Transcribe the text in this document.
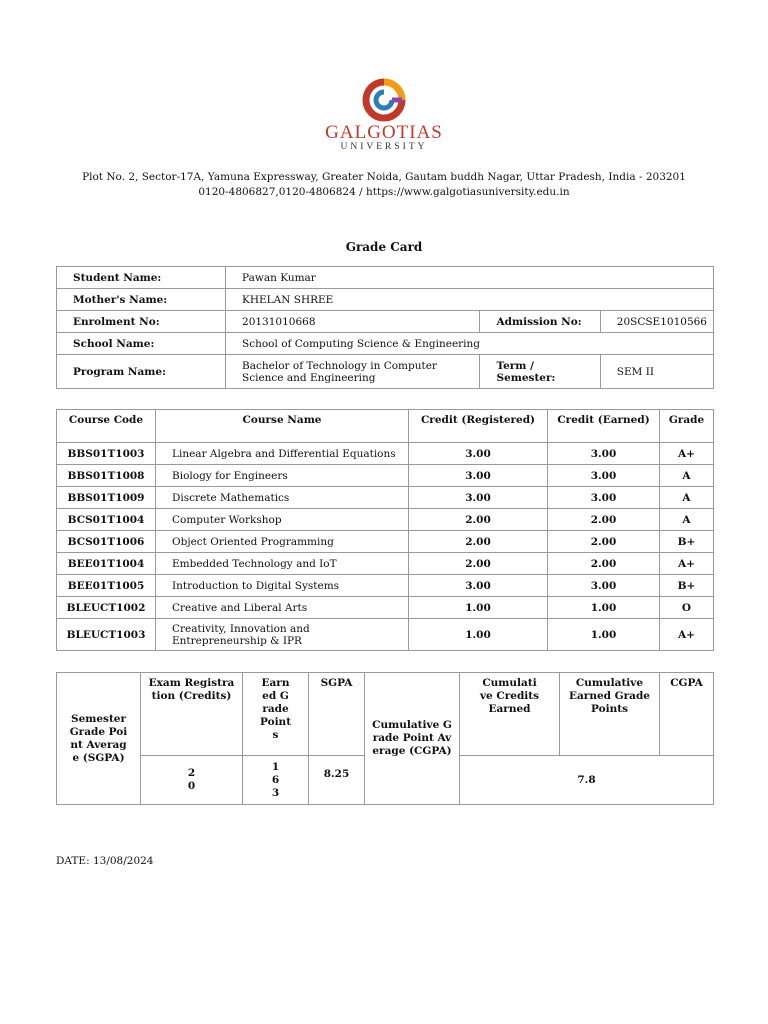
GALGOTIAS
UNIVERSITY
Plot No. 2, Sector-17A, Yamuna Expressway, Greater Noida, Gautam buddh Nagar, Uttar Pradesh, India - 203201 0120-4806827,0120-4806824 / https://www.galgotiasuniversity.edu.in
Grade Card
Student Name:	Pawan Kumar		
Mother's Name:	KHELAN SHREE		
Enrolment No:	20131010668	Admission No:	20SCSE1010566
School Name:	School of Computing Science & Engineering		
Program Name:	Bachelor of Technology in Computer Science and Engineering	Term / Semester:	SEM II
Course Code	Course Name	Credit (Registered)	Credit (Earned)	Grade
BBS01T1003	Linear Algebra and Differential Equations	3.00	3.00	A+
BBS01T1008	Biology for Engineers	3.00	3.00	A
BBS01T1009	Discrete Mathematics	3.00	3.00	A
BCS01T1004	Computer Workshop	2.00	2.00	A
BCS01T1006	Object Oriented Programming	2.00	2.00	B+
BEE01T1004	Embedded Technology and IoT	2.00	2.00	A+
BEE01T1005	Introduction to Digital Systems	3.00	3.00	B+
BLEUCT1002	Creative and Liberal Arts	1.00	1.00	O
BLEUCT1003	Creativity, Innovation and Entrepreneurship & IPR	1.00	1.00	A+
Semester Grade Point Average (SGPA)	Exam Registration (Credits)	Earned Grade Points	SGPA	Cumulative Grade Point Average (CGPA)	Cumulative Credits Earned	Cumulative Earned Grade Points	CGPA

	20	163	8.25		7.8		
DATE: 13/08/2024
